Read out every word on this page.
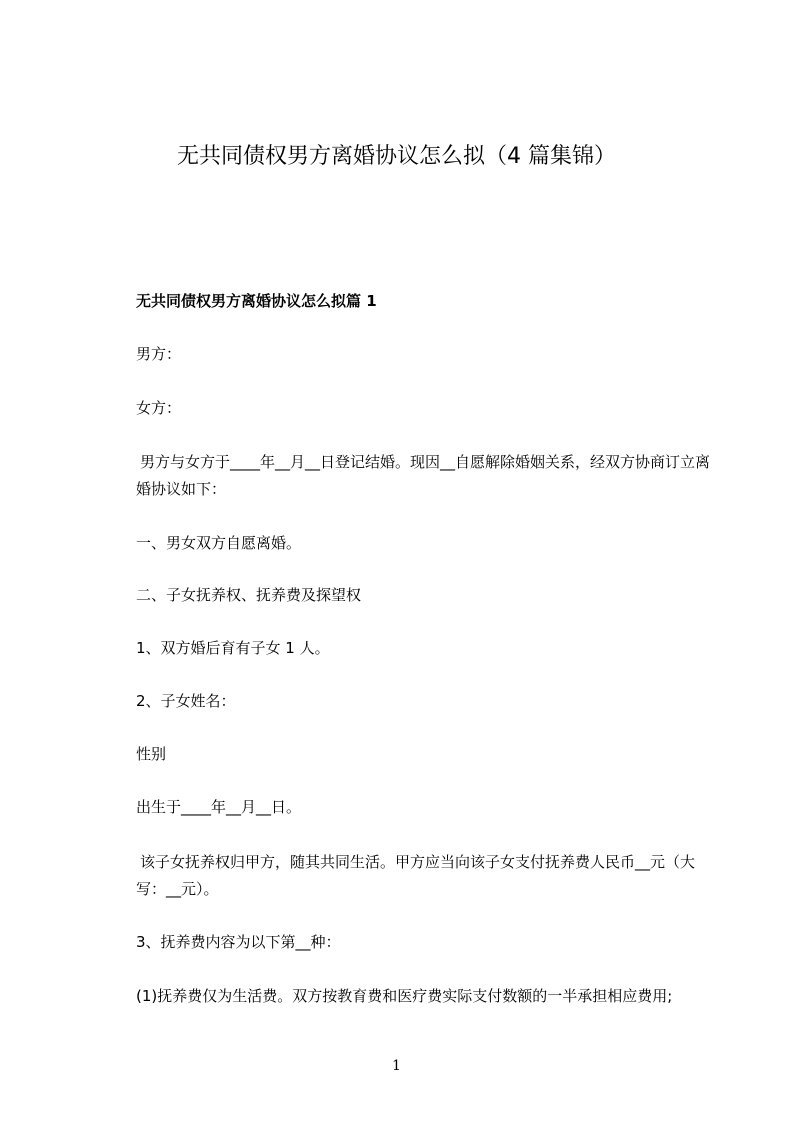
无共同债权男方离婚协议怎么拟（4 篇集锦）
无共同债权男方离婚协议怎么拟篇 1
男方：
女方：
男方与女方于____年__月__日登记结婚。现因__自愿解除婚姻关系，经双方协商订立离婚协议如下：
一、男女双方自愿离婚。
二、子女抚养权、抚养费及探望权
1、双方婚后育有子女 1 人。
2、子女姓名：
性别
出生于____年__月__日。
该子女抚养权归甲方，随其共同生活。甲方应当向该子女支付抚养费人民币__元（大写：__元）。
3、抚养费内容为以下第__种：
(1)抚养费仅为生活费。双方按教育费和医疗费实际支付数额的一半承担相应费用;
1
